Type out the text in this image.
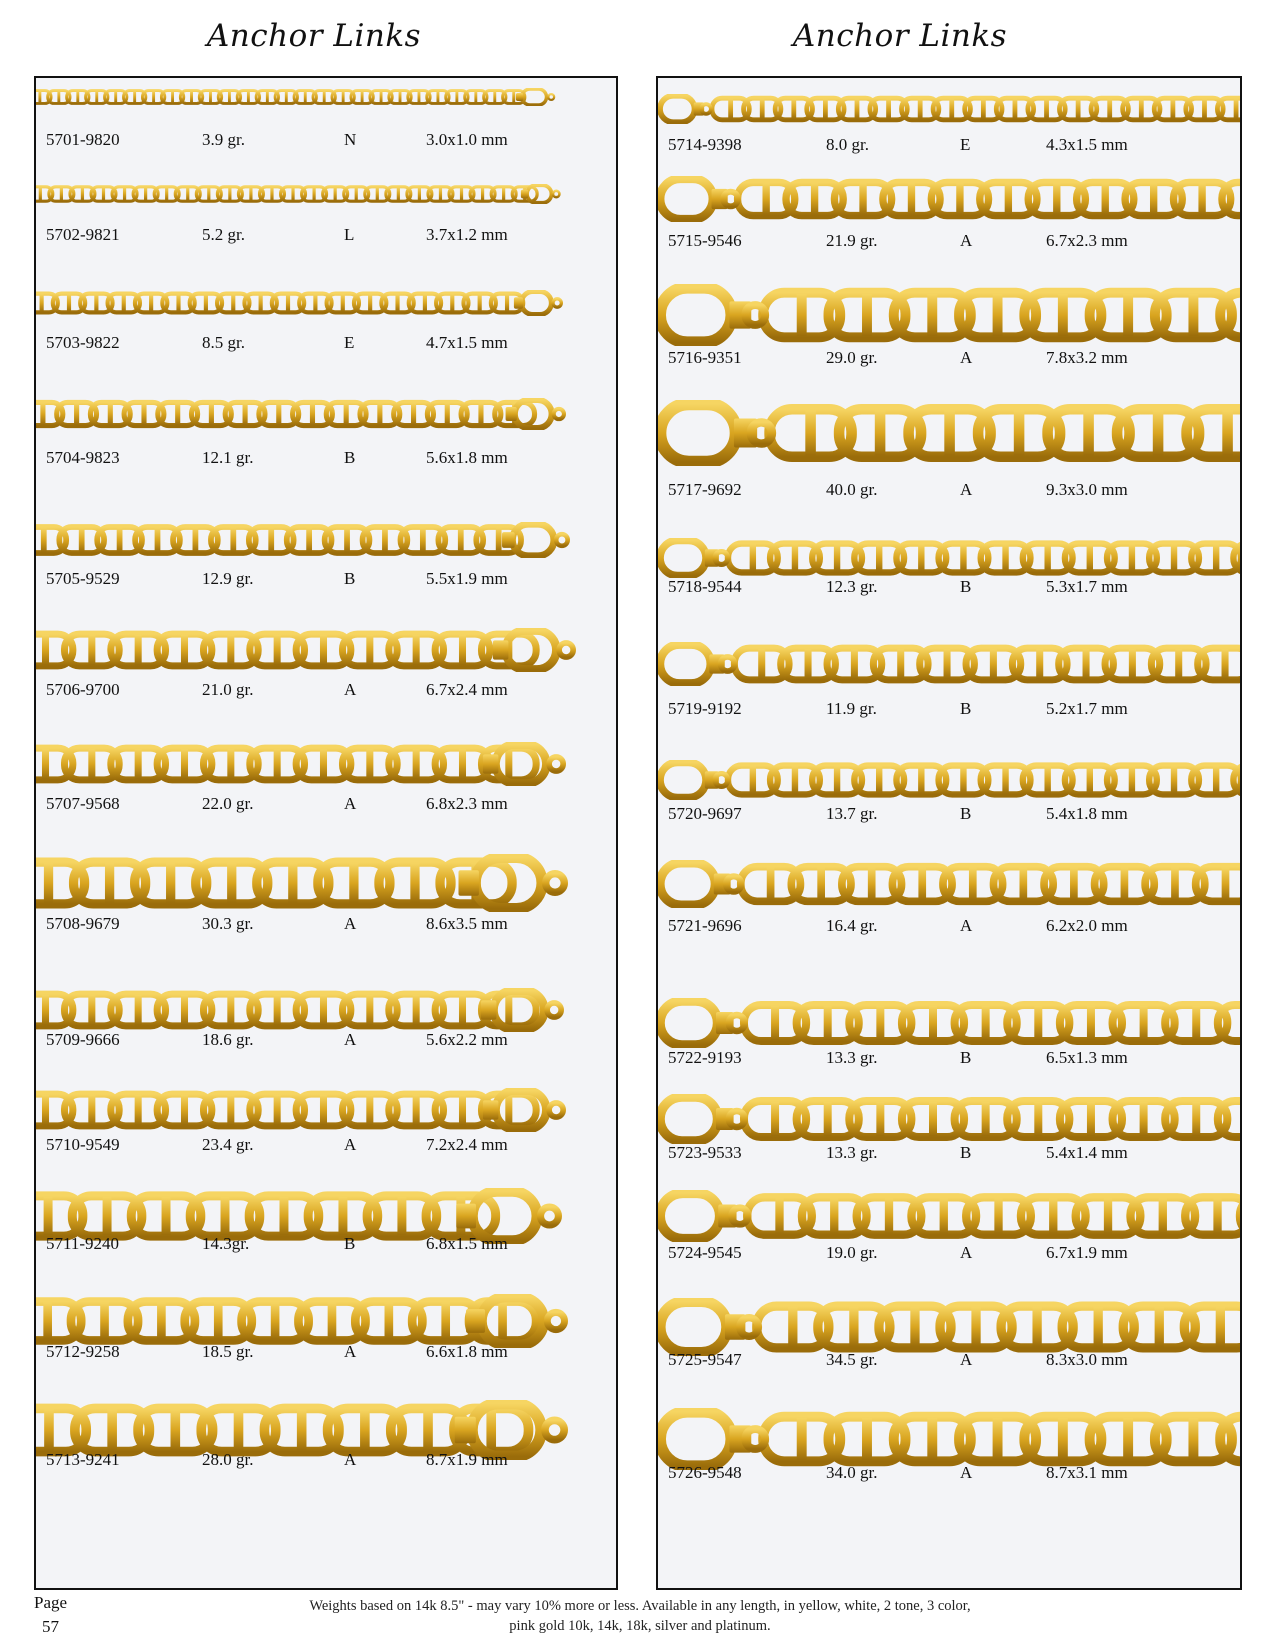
Anchor Links	Anchor Links
5701-9820	3.9 gr.	N	3.0x1.0 mm
5702-9821	5.2 gr.	L	3.7x1.2 mm
5703-9822	8.5 gr.	E	4.7x1.5 mm
5704-9823	12.1 gr.	B	5.6x1.8 mm
5705-9529	12.9 gr.	B	5.5x1.9 mm
5706-9700	21.0 gr.	A	6.7x2.4 mm
5707-9568	22.0 gr.	A	6.8x2.3 mm
5708-9679	30.3 gr.	A	8.6x3.5 mm
5709-9666	18.6 gr.	A	5.6x2.2 mm
5710-9549	23.4 gr.	A	7.2x2.4 mm
5711-9240	14.3gr.	B	6.8x1.5 mm
5712-9258	18.5 gr.	A	6.6x1.8 mm
5713-9241	28.0 gr.	A	8.7x1.9 mm
5714-9398	8.0 gr.	E	4.3x1.5 mm
5715-9546	21.9 gr.	A	6.7x2.3 mm
5716-9351	29.0 gr.	A	7.8x3.2 mm
5717-9692	40.0 gr.	A	9.3x3.0 mm
5718-9544	12.3 gr.	B	5.3x1.7 mm
5719-9192	11.9 gr.	B	5.2x1.7 mm
5720-9697	13.7 gr.	B	5.4x1.8 mm
5721-9696	16.4 gr.	A	6.2x2.0 mm
5722-9193	13.3 gr.	B	6.5x1.3 mm
5723-9533	13.3 gr.	B	5.4x1.4 mm
5724-9545	19.0 gr.	A	6.7x1.9 mm
5725-9547	34.5 gr.	A	8.3x3.0 mm
5726-9548	34.0 gr.	A	8.7x3.1 mm
Page
57
Weights based on 14k 8.5" - may vary 10% more or less. Available in any length, in yellow, white, 2 tone, 3 color,
pink gold 10k, 14k, 18k, silver and platinum.
